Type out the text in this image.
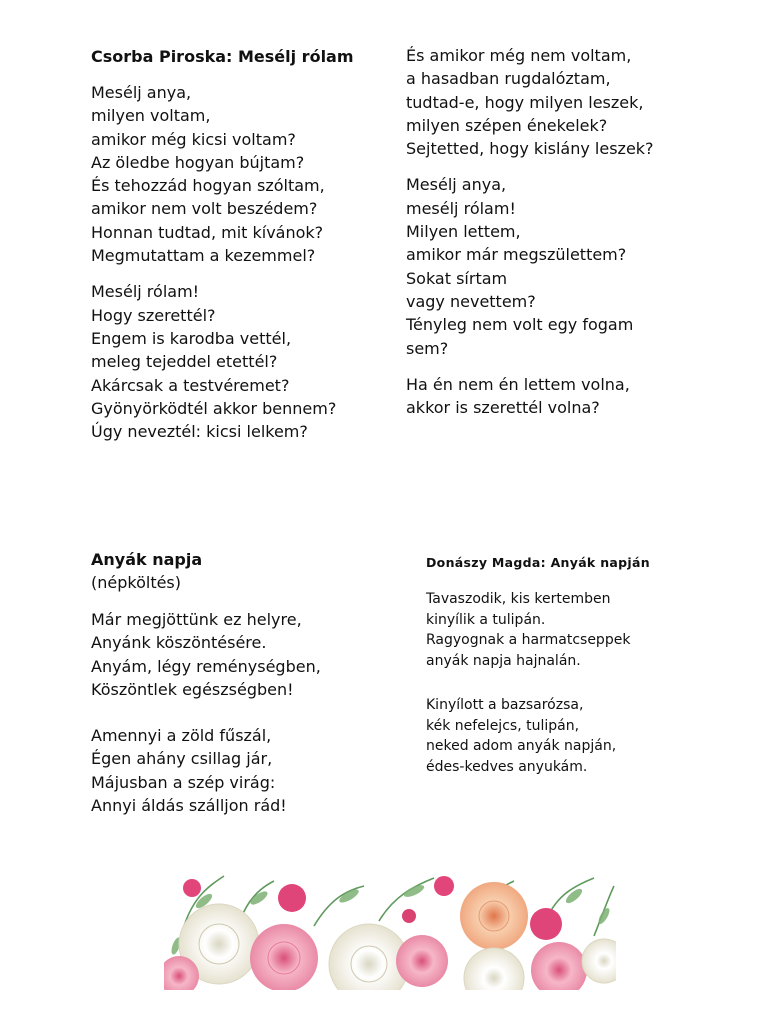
Csorba Piroska: Mesélj rólam
Mesélj anya,
milyen voltam,
amikor még kicsi voltam?
Az öledbe hogyan bújtam?
És tehozzád hogyan szóltam,
amikor nem volt beszédem?
Honnan tudtad, mit kívánok?
Megmutattam a kezemmel?
Mesélj rólam!
Hogy szerettél?
Engem is karodba vettél,
meleg tejeddel etettél?
Akárcsak a testvéremet?
Gyönyörködtél akkor bennem?
Úgy neveztél: kicsi lelkem?
És amikor még nem voltam,
a hasadban rugdalóztam,
tudtad-e, hogy milyen leszek,
milyen szépen énekelek?
Sejtetted, hogy kislány leszek?
Mesélj anya,
mesélj rólam!
Milyen lettem,
amikor már megszülettem?
Sokat sírtam
vagy nevettem?
Tényleg nem volt egy fogam
sem?
Ha én nem én lettem volna,
akkor is szerettél volna?
Anyák napja
(népköltés)
Már megjöttünk ez helyre,
Anyánk köszöntésére.
Anyám, légy reménységben,
Köszöntlek egészségben!
Amennyi a zöld fűszál,
Égen ahány csillag jár,
Májusban a szép virág:
Annyi áldás szálljon rád!
Donászy Magda: Anyák napján
Tavaszodik, kis kertemben
kinyílik a tulipán.
Ragyognak a harmatcseppek
anyák napja hajnalán.
Kinyílott a bazsarózsa,
kék nefelejcs, tulipán,
neked adom anyák napján,
édes-kedves anyukám.
